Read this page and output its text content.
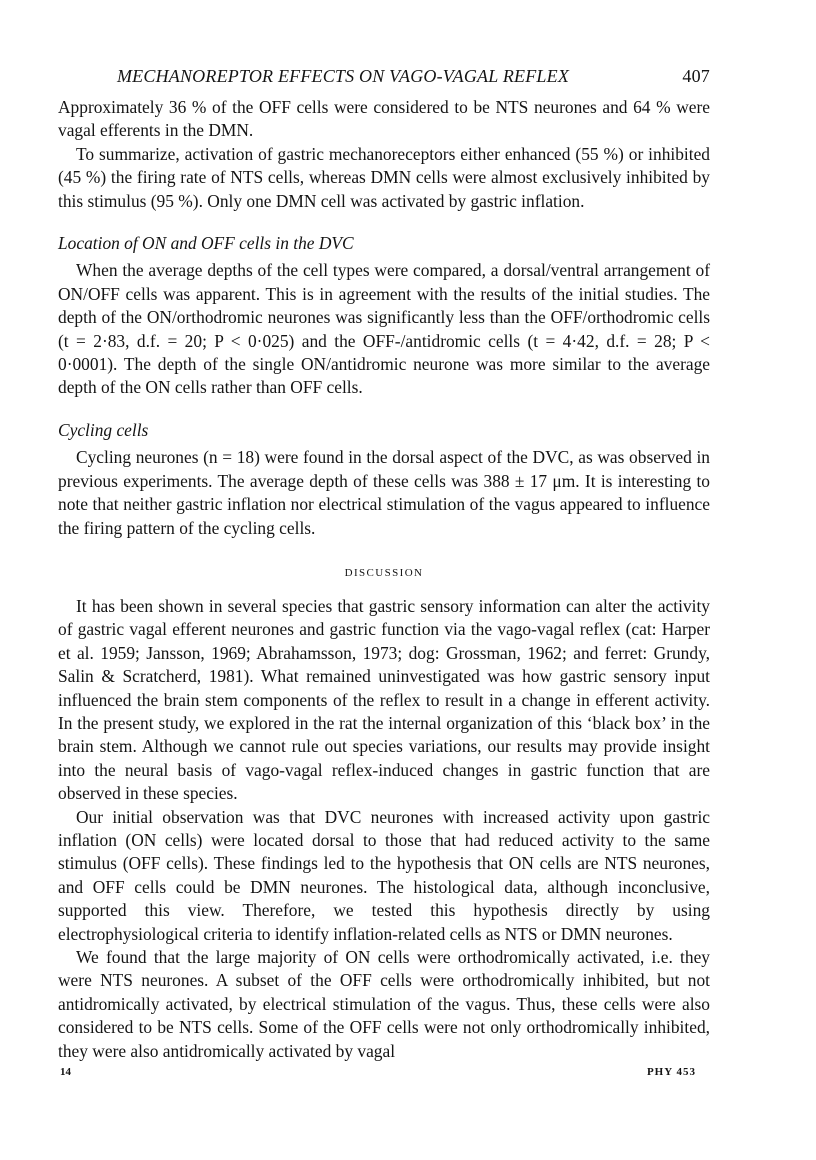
MECHANOREPTOR EFFECTS ON VAGO-VAGAL REFLEX	407

Approximately 36 % of the OFF cells were considered to be NTS neurones and 64 % were vagal efferents in the DMN.

To summarize, activation of gastric mechanoreceptors either enhanced (55 %) or inhibited (45 %) the firing rate of NTS cells, whereas DMN cells were almost exclusively inhibited by this stimulus (95 %). Only one DMN cell was activated by gastric inflation.

Location of ON and OFF cells in the DVC

When the average depths of the cell types were compared, a dorsal/ventral arrangement of ON/OFF cells was apparent. This is in agreement with the results of the initial studies. The depth of the ON/orthodromic neurones was significantly less than the OFF/orthodromic cells (t = 2·83, d.f. = 20; P < 0·025) and the OFF-/antidromic cells (t = 4·42, d.f. = 28; P < 0·0001). The depth of the single ON/antidromic neurone was more similar to the average depth of the ON cells rather than OFF cells.

Cycling cells

Cycling neurones (n = 18) were found in the dorsal aspect of the DVC, as was observed in previous experiments. The average depth of these cells was 388 ± 17 μm. It is interesting to note that neither gastric inflation nor electrical stimulation of the vagus appeared to influence the firing pattern of the cycling cells.

DISCUSSION

It has been shown in several species that gastric sensory information can alter the activity of gastric vagal efferent neurones and gastric function via the vago-vagal reflex (cat: Harper et al. 1959; Jansson, 1969; Abrahamsson, 1973; dog: Grossman, 1962; and ferret: Grundy, Salin & Scratcherd, 1981). What remained uninvestigated was how gastric sensory input influenced the brain stem components of the reflex to result in a change in efferent activity. In the present study, we explored in the rat the internal organization of this ‘black box’ in the brain stem. Although we cannot rule out species variations, our results may provide insight into the neural basis of vago-vagal reflex-induced changes in gastric function that are observed in these species.

Our initial observation was that DVC neurones with increased activity upon gastric inflation (ON cells) were located dorsal to those that had reduced activity to the same stimulus (OFF cells). These findings led to the hypothesis that ON cells are NTS neurones, and OFF cells could be DMN neurones. The histological data, although inconclusive, supported this view. Therefore, we tested this hypothesis directly by using electrophysiological criteria to identify inflation-related cells as NTS or DMN neurones.

We found that the large majority of ON cells were orthodromically activated, i.e. they were NTS neurones. A subset of the OFF cells were orthodromically inhibited, but not antidromically activated, by electrical stimulation of the vagus. Thus, these cells were also considered to be NTS cells. Some of the OFF cells were not only orthodromically inhibited, they were also antidromically activated by vagal

14	PHY 453
